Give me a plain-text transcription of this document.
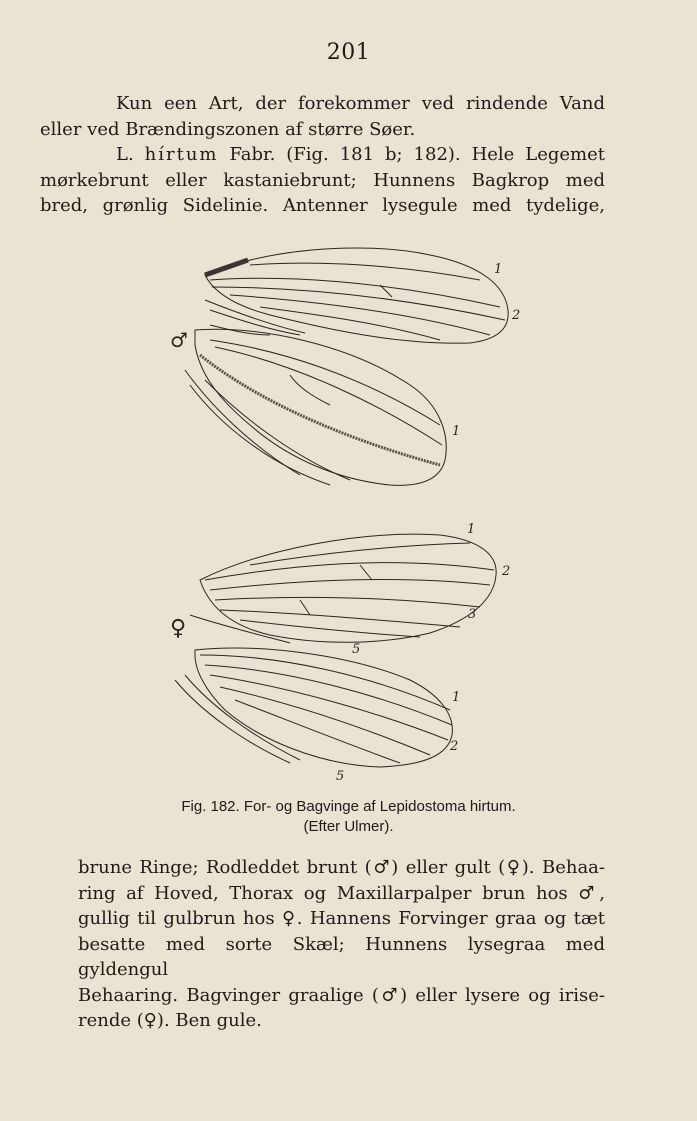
201

Kun een Art, der forekommer ved rindende Vand
eller ved Brændingszonen af større Søer.

L. hírtum Fabr. (Fig. 181 b; 182). Hele Legemet
mørkebrunt eller kastaniebrunt; Hunnens Bagkrop med
bred, grønlig Sidelinie. Antenner lysegule med tydelige,

♂
♀
1
2
1
1
2
3
5
1
2
5
Fig. 182. For- og Bagvinge af Lepidostoma hirtum.
(Efter Ulmer).
brune Ringe; Rodleddet brunt (♂) eller gult (♀). Behaa-
ring af Hoved, Thorax og Maxillarpalper brun hos ♂,
gullig til gulbrun hos ♀. Hannens Forvinger graa og tæt
besatte med sorte Skæl; Hunnens lysegraa med gyldengul
Behaaring. Bagvinger graalige (♂) eller lysere og irise-
rende (♀). Ben gule.
